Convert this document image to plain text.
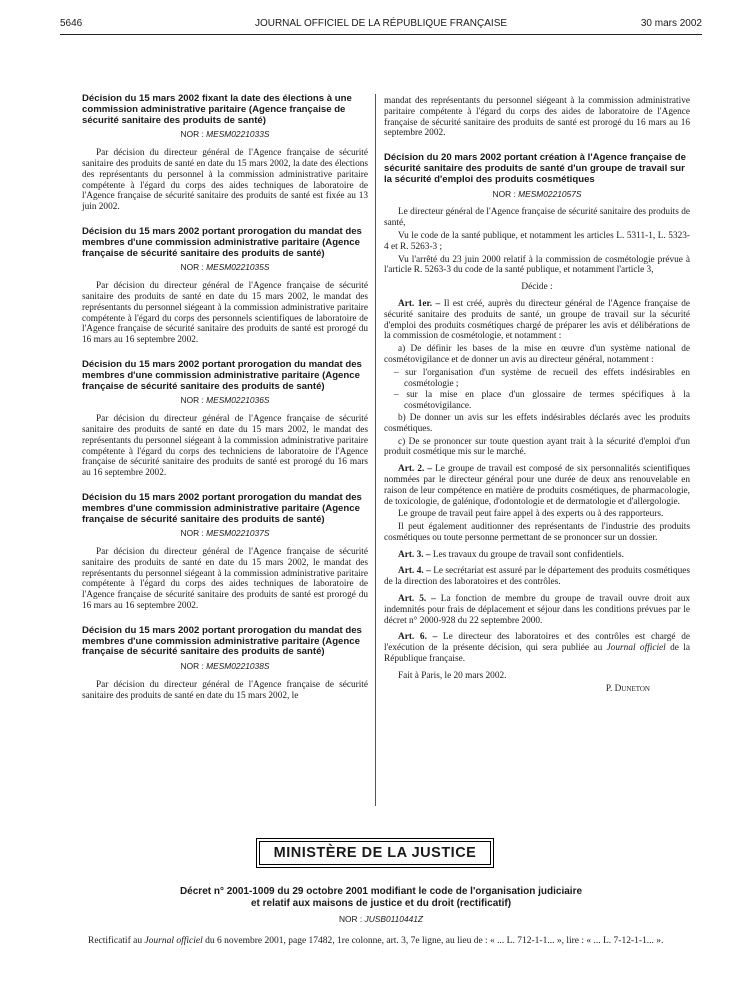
5646	JOURNAL OFFICIEL DE LA RÉPUBLIQUE FRANÇAISE	30 mars 2002
Décision du 15 mars 2002 fixant la date des élections à une commission administrative paritaire (Agence française de sécurité sanitaire des produits de santé)
NOR : MESM0221033S
Par décision du directeur général de l'Agence française de sécurité sanitaire des produits de santé en date du 15 mars 2002, la date des élections des représentants du personnel à la commission administrative paritaire compétente à l'égard du corps des aides techniques de laboratoire de l'Agence française de sécurité sanitaire des produits de santé est fixée au 13 juin 2002.
Décision du 15 mars 2002 portant prorogation du mandat des membres d'une commission administrative paritaire (Agence française de sécurité sanitaire des produits de santé)
NOR : MESM0221035S
Par décision du directeur général de l'Agence française de sécurité sanitaire des produits de santé en date du 15 mars 2002, le mandat des représentants du personnel siégeant à la commission administrative paritaire compétente à l'égard du corps des personnels scientifiques de laboratoire de l'Agence française de sécurité sanitaire des produits de santé est prorogé du 16 mars au 16 septembre 2002.
Décision du 15 mars 2002 portant prorogation du mandat des membres d'une commission administrative paritaire (Agence française de sécurité sanitaire des produits de santé)
NOR : MESM0221036S
Par décision du directeur général de l'Agence française de sécurité sanitaire des produits de santé en date du 15 mars 2002, le mandat des représentants du personnel siégeant à la commission administrative paritaire compétente à l'égard du corps des techniciens de laboratoire de l'Agence française de sécurité sanitaire des produits de santé est prorogé du 16 mars au 16 septembre 2002.
Décision du 15 mars 2002 portant prorogation du mandat des membres d'une commission administrative paritaire (Agence française de sécurité sanitaire des produits de santé)
NOR : MESM0221037S
Par décision du directeur général de l'Agence française de sécurité sanitaire des produits de santé en date du 15 mars 2002, le mandat des représentants du personnel siégeant à la commission administrative paritaire compétente à l'égard du corps des aides techniques de laboratoire de l'Agence française de sécurité sanitaire des produits de santé est prorogé du 16 mars au 16 septembre 2002.
Décision du 15 mars 2002 portant prorogation du mandat des membres d'une commission administrative paritaire (Agence française de sécurité sanitaire des produits de santé)
NOR : MESM0221038S
Par décision du directeur général de l'Agence française de sécurité sanitaire des produits de santé en date du 15 mars 2002, le
mandat des représentants du personnel siégeant à la commission administrative paritaire compétente à l'égard du corps des aides de laboratoire de l'Agence française de sécurité sanitaire des produits de santé est prorogé du 16 mars au 16 septembre 2002.
Décision du 20 mars 2002 portant création à l'Agence française de sécurité sanitaire des produits de santé d'un groupe de travail sur la sécurité d'emploi des produits cosmétiques
NOR : MESM0221057S
Le directeur général de l'Agence française de sécurité sanitaire des produits de santé,
Vu le code de la santé publique, et notamment les articles L. 5311-1, L. 5323-4 et R. 5263-3 ;
Vu l'arrêté du 23 juin 2000 relatif à la commission de cosmétologie prévue à l'article R. 5263-3 du code de la santé publique, et notamment l'article 3,
Décide :
Art. 1er. – Il est créé, auprès du directeur général de l'Agence française de sécurité sanitaire des produits de santé, un groupe de travail sur la sécurité d'emploi des produits cosmétiques chargé de préparer les avis et délibérations de la commission de cosmétologie, et notamment :
a) De définir les bases de la mise en œuvre d'un système national de cosmétovigilance et de donner un avis au directeur général, notamment :
– sur l'organisation d'un système de recueil des effets indésirables en cosmétologie ;
– sur la mise en place d'un glossaire de termes spécifiques à la cosmétovigilance.
b) De donner un avis sur les effets indésirables déclarés avec les produits cosmétiques.
c) De se prononcer sur toute question ayant trait à la sécurité d'emploi d'un produit cosmétique mis sur le marché.
Art. 2. – Le groupe de travail est composé de six personnalités scientifiques nommées par le directeur général pour une durée de deux ans renouvelable en raison de leur compétence en matière de produits cosmétiques, de pharmacologie, de toxicologie, de galénique, d'odontologie et de dermatologie et d'allergologie.
Le groupe de travail peut faire appel à des experts ou à des rapporteurs.
Il peut également auditionner des représentants de l'industrie des produits cosmétiques ou toute personne permettant de se prononcer sur un dossier.
Art. 3. – Les travaux du groupe de travail sont confidentiels.
Art. 4. – Le secrétariat est assuré par le département des produits cosmétiques de la direction des laboratoires et des contrôles.
Art. 5. – La fonction de membre du groupe de travail ouvre droit aux indemnités pour frais de déplacement et séjour dans les conditions prévues par le décret n° 2000-928 du 22 septembre 2000.
Art. 6. – Le directeur des laboratoires et des contrôles est chargé de l'exécution de la présente décision, qui sera publiée au Journal officiel de la République française.
Fait à Paris, le 20 mars 2002.
P. Duneton
MINISTÈRE DE LA JUSTICE
Décret n° 2001-1009 du 29 octobre 2001 modifiant le code de l'organisation judiciaire
et relatif aux maisons de justice et du droit (rectificatif)
NOR : JUSB0110441Z
Rectificatif au Journal officiel du 6 novembre 2001, page 17482, 1re colonne, art. 3, 7e ligne, au lieu de : « ... L. 712-1-1... », lire : « ... L. 7-12-1-1... ».
